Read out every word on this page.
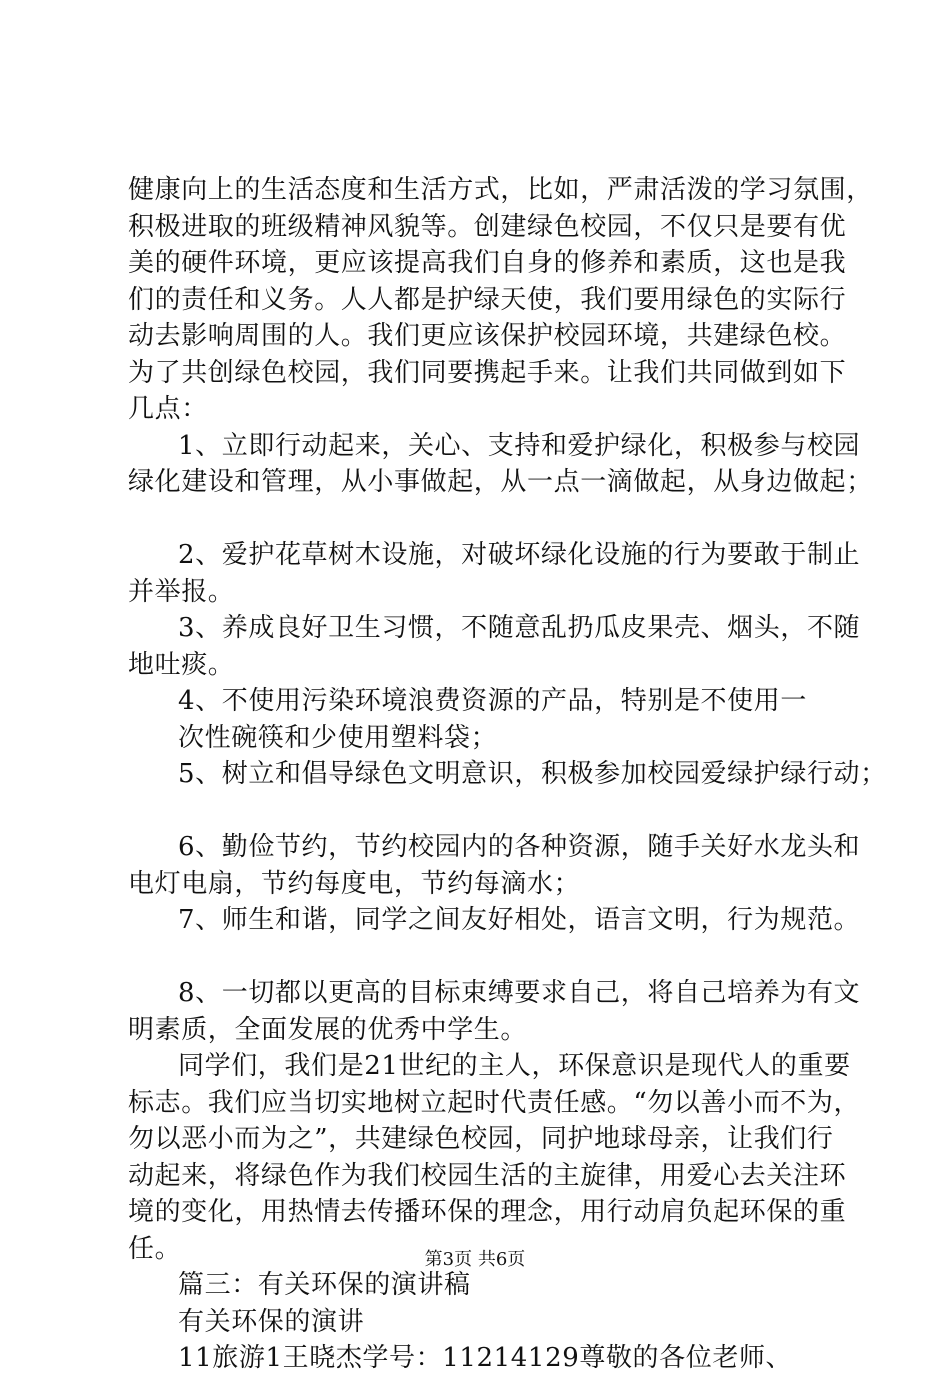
健康向上的生活态度和生活方式，比如，严肃活泼的学习氛围，
积极进取的班级精神风貌等。创建绿色校园，不仅只是要有优
美的硬件环境，更应该提高我们自身的修养和素质，这也是我
们的责任和义务。人人都是护绿天使，我们要用绿色的实际行
动去影响周围的人。我们更应该保护校园环境，共建绿色校。
为了共创绿色校园，我们同要携起手来。让我们共同做到如下
几点：
1、立即行动起来，关心、支持和爱护绿化，积极参与校园
绿化建设和管理，从小事做起，从一点一滴做起，从身边做起；
2、爱护花草树木设施，对破坏绿化设施的行为要敢于制止
并举报。
3、养成良好卫生习惯，不随意乱扔瓜皮果壳、烟头，不随
地吐痰。
4、不使用污染环境浪费资源的产品，特别是不使用一
次性碗筷和少使用塑料袋；
5、树立和倡导绿色文明意识，积极参加校园爱绿护绿行动；
6、勤俭节约，节约校园内的各种资源，随手关好水龙头和
电灯电扇，节约每度电，节约每滴水；
7、师生和谐，同学之间友好相处，语言文明，行为规范。
8、一切都以更高的目标束缚要求自己，将自己培养为有文
明素质，全面发展的优秀中学生。
同学们，我们是21世纪的主人，环保意识是现代人的重要
标志。我们应当切实地树立起时代责任感。“勿以善小而不为，
勿以恶小而为之”，共建绿色校园，同护地球母亲，让我们行
动起来，将绿色作为我们校园生活的主旋律，用爱心去关注环
境的变化，用热情去传播环保的理念，用行动肩负起环保的重
任。
篇三：有关环保的演讲稿
有关环保的演讲
11旅游1王晓杰学号：11214129尊敬的各位老师、
第3页 共6页
